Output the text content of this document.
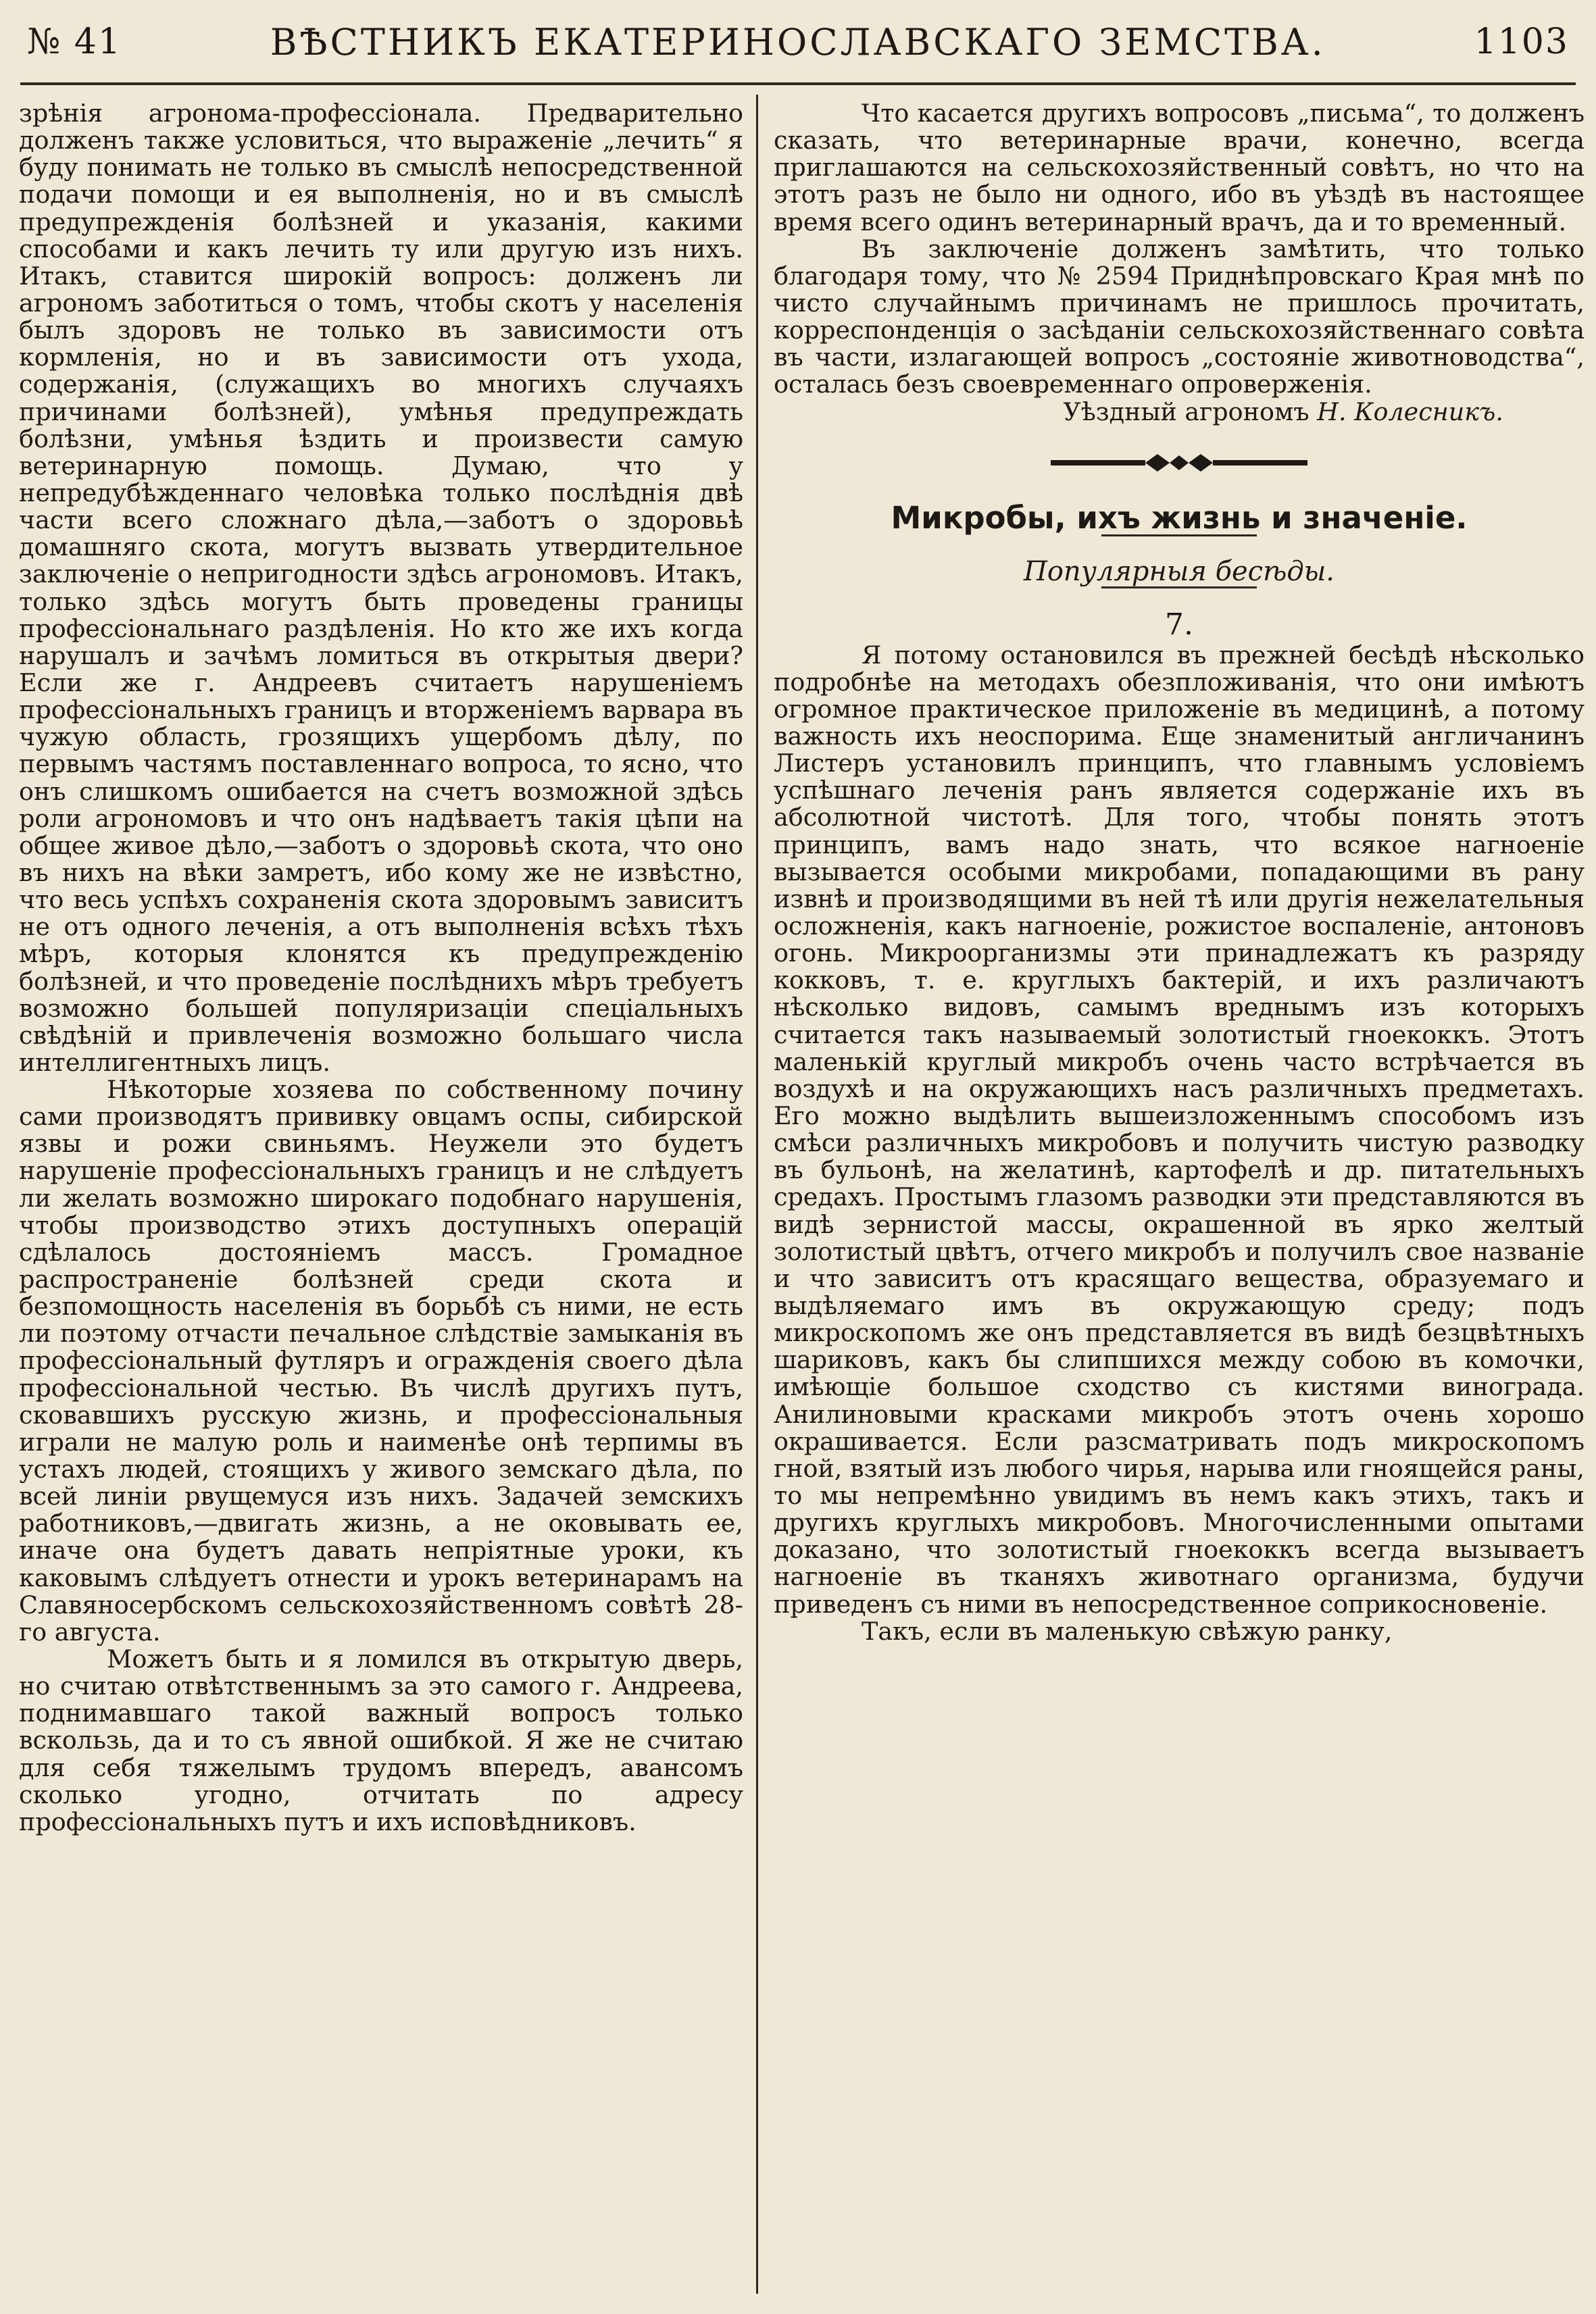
№ 41	ВѢСТНИКЪ ЕКАТЕРИНОСЛАВСКАГО ЗЕМСТВА.	1103

зрѣнія агронома-профессіонала. Предварительно долженъ также условиться, что выраженіе „лечить“ я буду понимать не только въ смыслѣ непосредственной подачи помощи и ея выполненія, но и въ смыслѣ предупрежденія болѣзней и указанія, какими способами и какъ лечить ту или другую изъ нихъ. Итакъ, ставится широкій вопросъ: долженъ ли агрономъ заботиться о томъ, чтобы скотъ у населенія былъ здоровъ не только въ зависимости отъ кормленія, но и въ зависимости отъ ухода, содержанія, (служащихъ во многихъ случаяхъ причинами болѣзней), умѣнья предупреждать болѣзни, умѣнья ѣздить и произвести самую ветеринарную помощь. Думаю, что у непредубѣжденнаго человѣка только послѣднія двѣ части всего сложнаго дѣла,—заботъ о здоровьѣ домашняго скота, могутъ вызвать утвердительное заключеніе о непригодности здѣсь агрономовъ. Итакъ, только здѣсь могутъ быть проведены границы профессіональнаго раздѣленія. Но кто же ихъ когда нарушалъ и зачѣмъ ломиться въ открытыя двери? Если же г. Андреевъ считаетъ нарушеніемъ профессіональныхъ границъ и вторженіемъ варвара въ чужую область, грозящихъ ущербомъ дѣлу, по первымъ частямъ поставленнаго вопроса, то ясно, что онъ слишкомъ ошибается на счетъ возможной здѣсь роли агрономовъ и что онъ надѣваетъ такія цѣпи на общее живое дѣло,—заботъ о здоровьѣ скота, что оно въ нихъ на вѣки замретъ, ибо кому же не извѣстно, что весь успѣхъ сохраненія скота здоровымъ зависитъ не отъ одного леченія, а отъ выполненія всѣхъ тѣхъ мѣръ, которыя клонятся къ предупрежденію болѣзней, и что проведеніе послѣднихъ мѣръ требуетъ возможно большей популяризаціи спеціальныхъ свѣдѣній и привлеченія возможно большаго числа интеллигентныхъ лицъ.

Нѣкоторые хозяева по собственному почину сами производятъ прививку овцамъ оспы, сибирской язвы и рожи свиньямъ. Неужели это будетъ нарушеніе профессіональныхъ границъ и не слѣдуетъ ли желать возможно широкаго подобнаго нарушенія, чтобы производство этихъ доступныхъ операцій сдѣлалось достояніемъ массъ. Громадное распространеніе болѣзней среди скота и безпомощность населенія въ борьбѣ съ ними, не есть ли поэтому отчасти печальное слѣдствіе замыканія въ профессіональный футляръ и огражденія своего дѣла профессіональной честью. Въ числѣ другихъ путъ, сковавшихъ русскую жизнь, и профессіональныя играли не малую роль и наименѣе онѣ терпимы въ устахъ людей, стоящихъ у живого земскаго дѣла, по всей линіи рвущемуся изъ нихъ. Задачей земскихъ работниковъ,—двигать жизнь, а не оковывать ее, иначе она будетъ давать непріятные уроки, къ каковымъ слѣдуетъ отнести и урокъ ветеринарамъ на Славяносербскомъ сельскохозяйственномъ совѣтѣ 28-го августа.

Можетъ быть и я ломился въ открытую дверь, но считаю отвѣтственнымъ за это самого г. Андреева, поднимавшаго такой важный вопросъ только вскользь, да и то съ явной ошибкой. Я же не считаю для себя тяжелымъ трудомъ впередъ, авансомъ сколько угодно, отчитать по адресу профессіональныхъ путъ и ихъ исповѣдниковъ.

Что касается другихъ вопросовъ „письма“, то долженъ сказать, что ветеринарные врачи, конечно, всегда приглашаются на сельскохозяйственный совѣтъ, но что на этотъ разъ не было ни одного, ибо въ уѣздѣ въ настоящее время всего одинъ ветеринарный врачъ, да и то временный.

Въ заключеніе долженъ замѣтить, что только благодаря тому, что № 2594 Приднѣпровскаго Края мнѣ по чисто случайнымъ причинамъ не пришлось прочитать, корреспонденція о засѣданіи сельскохозяйственнаго совѣта въ части, излагающей вопросъ „состояніе животноводства“, осталась безъ своевременнаго опроверженія.

Уѣздный агрономъ Н. Колесникъ.

Микробы, ихъ жизнь и значеніе.

Популярныя бесѣды.

7.

Я потому остановился въ прежней бесѣдѣ нѣсколько подробнѣе на методахъ обезпложиванія, что они имѣютъ огромное практическое приложеніе въ медицинѣ, а потому важность ихъ неоспорима. Еще знаменитый англичанинъ Листеръ установилъ принципъ, что главнымъ условіемъ успѣшнаго леченія ранъ является содержаніе ихъ въ абсолютной чистотѣ. Для того, чтобы понять этотъ принципъ, вамъ надо знать, что всякое нагноеніе вызывается особыми микробами, попадающими въ рану извнѣ и производящими въ ней тѣ или другія нежелательныя осложненія, какъ нагноеніе, рожистое воспаленіе, антоновъ огонь. Микроорганизмы эти принадлежатъ къ разряду кокковъ, т. е. круглыхъ бактерій, и ихъ различаютъ нѣсколько видовъ, самымъ вреднымъ изъ которыхъ считается такъ называемый золотистый гноекоккъ. Этотъ маленькій круглый микробъ очень часто встрѣчается въ воздухѣ и на окружающихъ насъ различныхъ предметахъ. Его можно выдѣлить вышеизложеннымъ способомъ изъ смѣси различныхъ микробовъ и получить чистую разводку въ бульонѣ, на желатинѣ, картофелѣ и др. питательныхъ средахъ. Простымъ глазомъ разводки эти представляются въ видѣ зернистой массы, окрашенной въ ярко желтый золотистый цвѣтъ, отчего микробъ и получилъ свое названіе и что зависитъ отъ красящаго вещества, образуемаго и выдѣляемаго имъ въ окружающую среду; подъ микроскопомъ же онъ представляется въ видѣ безцвѣтныхъ шариковъ, какъ бы слипшихся между собою въ комочки, имѣющіе большое сходство съ кистями винограда. Анилиновыми красками микробъ этотъ очень хорошо окрашивается. Если разсматривать подъ микроскопомъ гной, взятый изъ любого чирья, нарыва или гноящейся раны, то мы непремѣнно увидимъ въ немъ какъ этихъ, такъ и другихъ круглыхъ микробовъ. Многочисленными опытами доказано, что золотистый гноекоккъ всегда вызываетъ нагноеніе въ тканяхъ животнаго организма, будучи приведенъ съ ними въ непосредственное соприкосновеніе.

Такъ, если въ маленькую свѣжую ранку,
